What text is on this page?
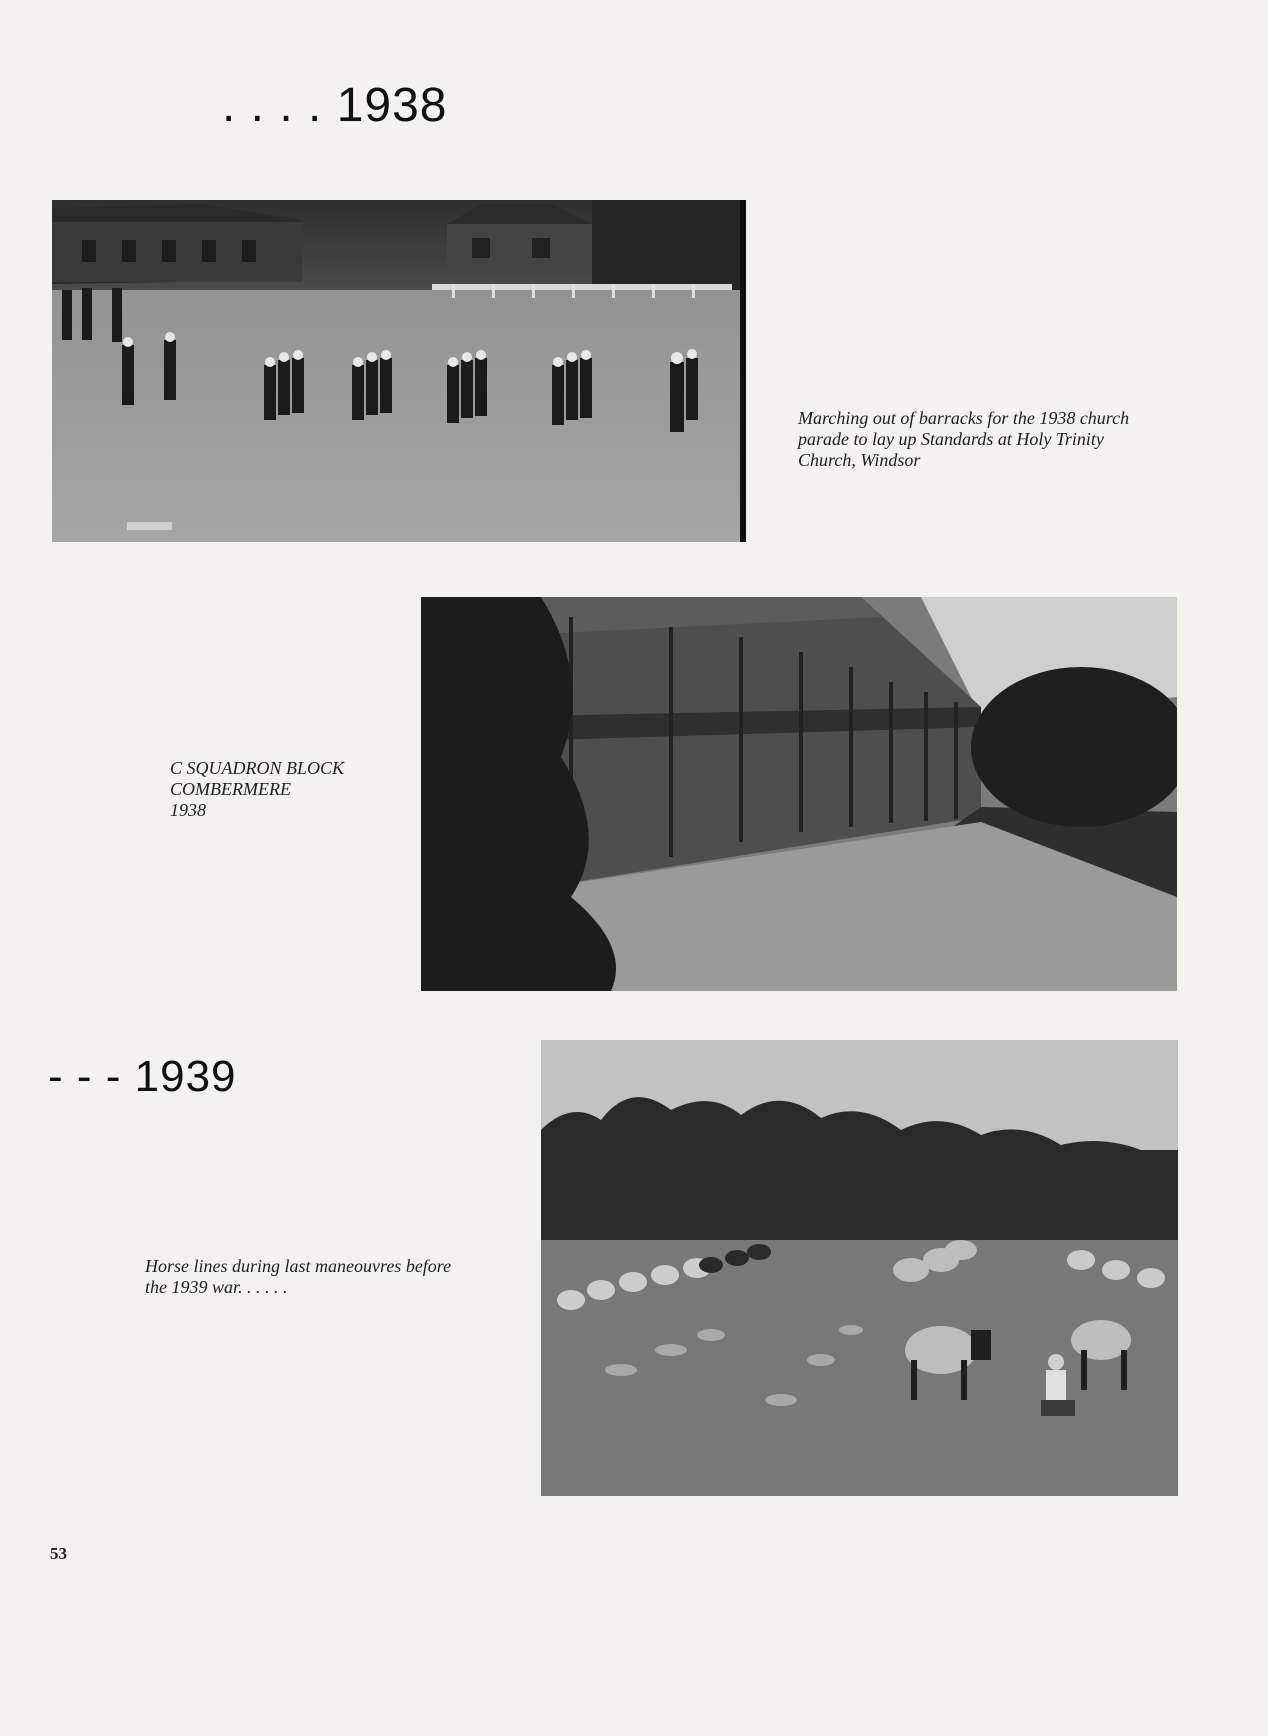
. . . . 1938
Marching out of barracks for the 1938 church
parade to lay up Standards at Holy Trinity
Church, Windsor
C SQUADRON BLOCK
COMBERMERE
1938
- - - 1939
Horse lines during last maneouvres before
the 1939 war. . . . . .
53
